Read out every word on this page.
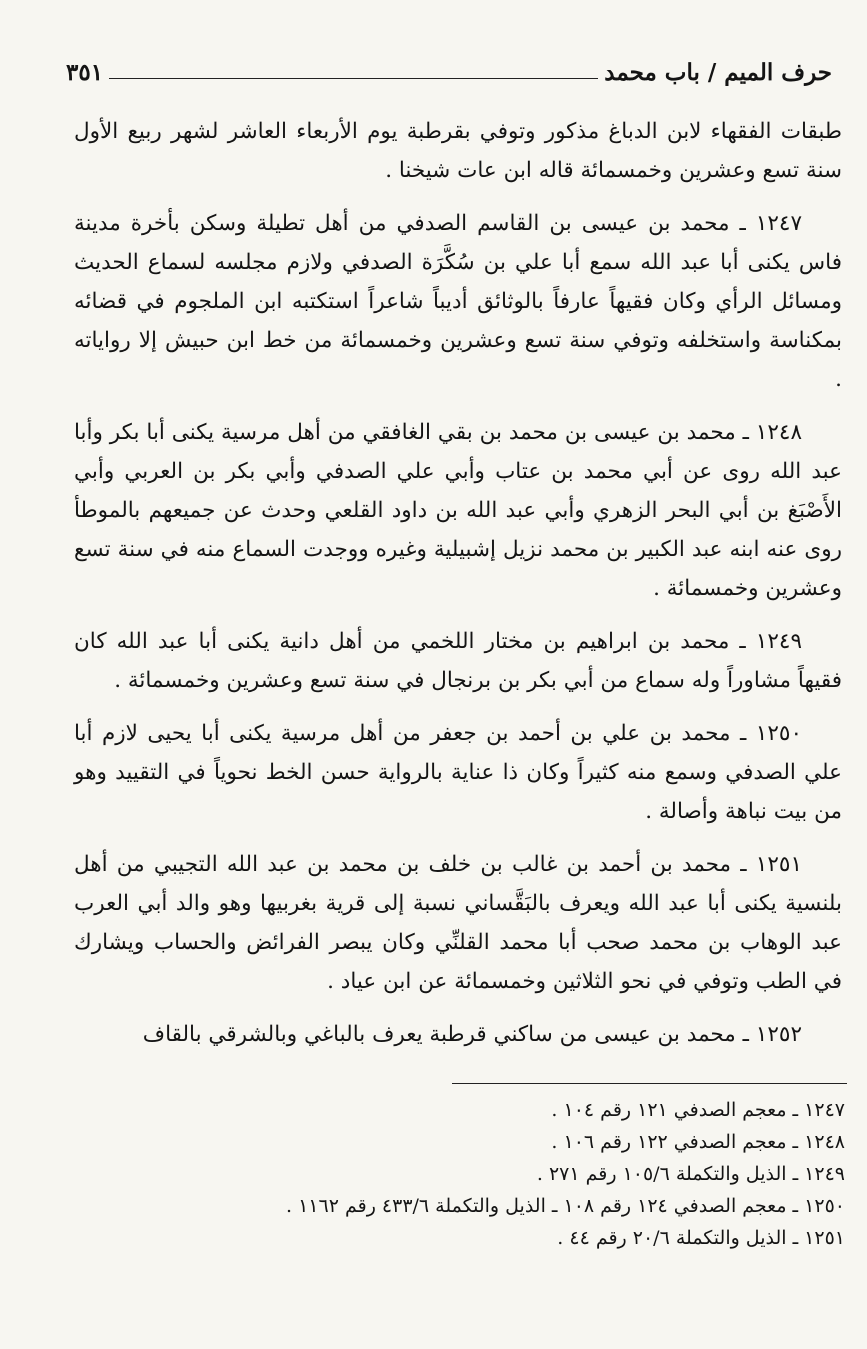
حرف الميم / باب محمد
٣٥١

طبقات الفقهاء لابن الدباغ مذكور وتوفي بقرطبة يوم الأربعاء العاشر لشهر ربيع الأول سنة تسع وعشرين وخمسمائة قاله ابن عات شيخنا .

١٢٤٧ ـ محمد بن عيسى بن القاسم الصدفي من أهل تطيلة وسكن بأخرة مدينة فاس يكنى أبا عبد الله سمع أبا علي بن سُكَّرَة الصدفي ولازم مجلسه لسماع الحديث ومسائل الرأي وكان فقيهاً عارفاً بالوثائق أديباً شاعراً استكتبه ابن الملجوم في قضائه بمكناسة واستخلفه وتوفي سنة تسع وعشرين وخمسمائة من خط ابن حبيش إلا رواياته .

١٢٤٨ ـ محمد بن عيسى بن محمد بن بقي الغافقي من أهل مرسية يكنى أبا بكر وأبا عبد الله روى عن أبي محمد بن عتاب وأبي علي الصدفي وأبي بكر بن العربي وأبي الأَصْبَغ بن أبي البحر الزهري وأبي عبد الله بن داود القلعي وحدث عن جميعهم بالموطأ روى عنه ابنه عبد الكبير بن محمد نزيل إشبيلية وغيره ووجدت السماع منه في سنة تسع وعشرين وخمسمائة .

١٢٤٩ ـ محمد بن ابراهيم بن مختار اللخمي من أهل دانية يكنى أبا عبد الله كان فقيهاً مشاوراً وله سماع من أبي بكر بن برنجال في سنة تسع وعشرين وخمسمائة .

١٢٥٠ ـ محمد بن علي بن أحمد بن جعفر من أهل مرسية يكنى أبا يحيى لازم أبا علي الصدفي وسمع منه كثيراً وكان ذا عناية بالرواية حسن الخط نحوياً في التقييد وهو من بيت نباهة وأصالة .

١٢٥١ ـ محمد بن أحمد بن غالب بن خلف بن محمد بن عبد الله التجيبي من أهل بلنسية يكنى أبا عبد الله ويعرف بالبَقَّساني نسبة إلى قرية بغربيها وهو والد أبي العرب عبد الوهاب بن محمد صحب أبا محمد القلنِّي وكان يبصر الفرائض والحساب ويشارك في الطب وتوفي في نحو الثلاثين وخمسمائة عن ابن عياد .

١٢٥٢ ـ محمد بن عيسى من ساكني قرطبة يعرف بالباغي وبالشرقي بالقاف

١٢٤٧ ـ معجم الصدفي ١٢١ رقم ١٠٤ .
١٢٤٨ ـ معجم الصدفي ١٢٢ رقم ١٠٦ .
١٢٤٩ ـ الذيل والتكملة ١٠٥/٦ رقم ٢٧١ .
١٢٥٠ ـ معجم الصدفي ١٢٤ رقم ١٠٨ ـ الذيل والتكملة ٤٣٣/٦ رقم ١١٦٢ .
١٢٥١ ـ الذيل والتكملة ٢٠/٦ رقم ٤٤ .
